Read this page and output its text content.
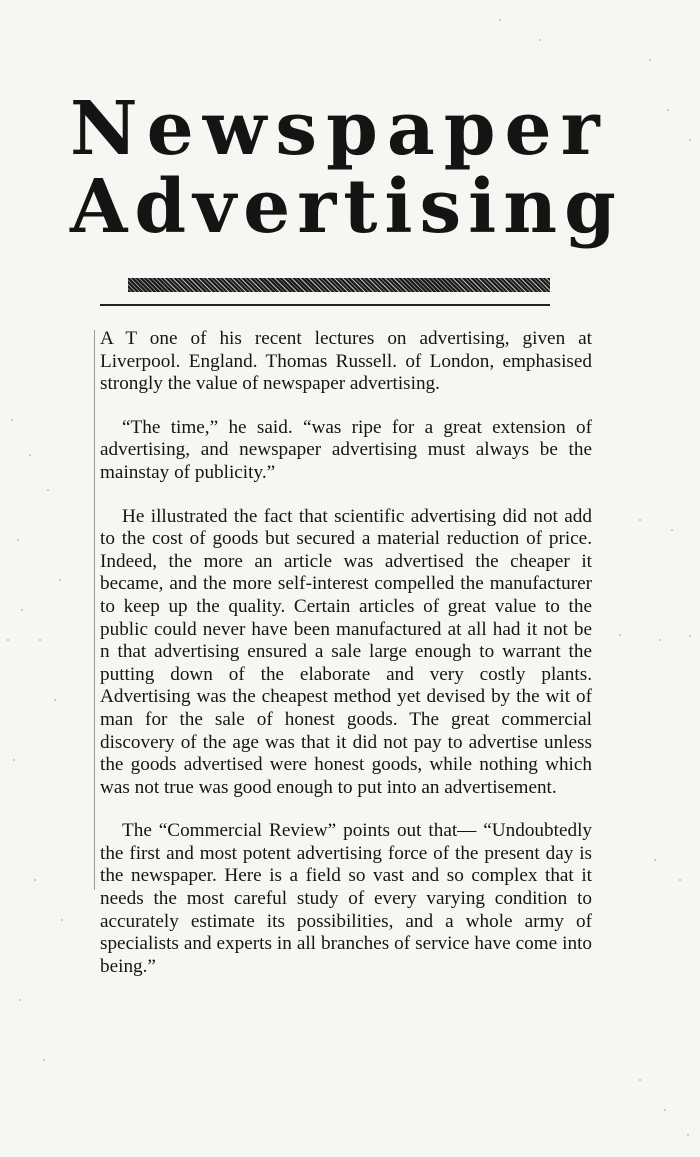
Newspaper
Advertising

A T one of his recent lectures on advertising, given at Liverpool. England. Thomas Russell. of London, emphasised strongly the value of newspaper advertising.

“The time,” he said. “was ripe for a great extension of advertising, and newspaper advertising must always be the mainstay of publicity.”

He illustrated the fact that scientific advertising did not add to the cost of goods but secured a material reduction of price. Indeed, the more an article was advertised the cheaper it became, and the more self-interest compelled the manufacturer to keep up the quality. Certain articles of great value to the public could never have been manufactured at all had it not be n that advertising ensured a sale large enough to warrant the putting down of the elaborate and very costly plants. Advertising was the cheapest method yet devised by the wit of man for the sale of honest goods. The great commercial discovery of the age was that it did not pay to advertise unless the goods advertised were honest goods, while nothing which was not true was good enough to put into an advertisement.

The “Commercial Review” points out that— “Undoubtedly the first and most potent advertising force of the present day is the newspaper. Here is a field so vast and so complex that it needs the most careful study of every varying condition to accurately estimate its possibilities, and a whole army of specialists and experts in all branches of service have come into being.”
